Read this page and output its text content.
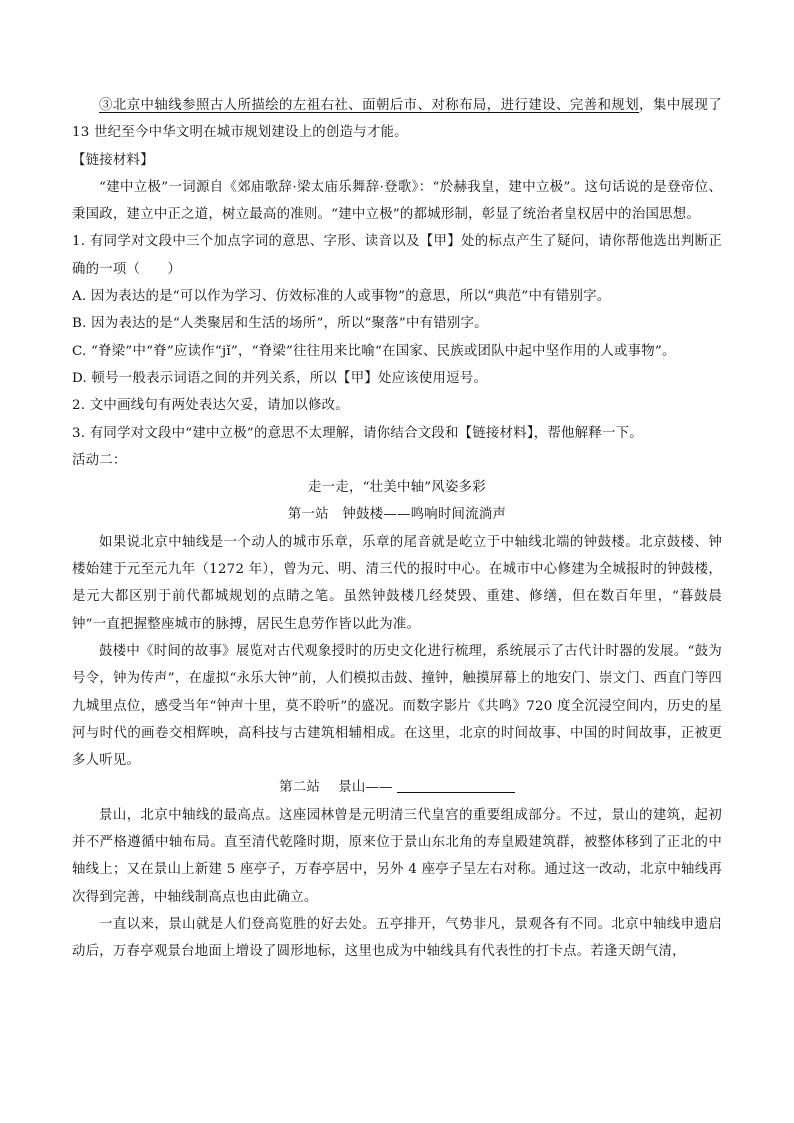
③北京中轴线参照古人所描绘的左祖右社、面朝后市、对称布局，进行建设、完善和规划，集中展现了 13 世纪至今中华文明在城市规划建设上的创造与才能。

【链接材料】

“建中立极”一词源自《郊庙歌辞·梁太庙乐舞辞·登歌》：“於赫我皇，建中立极”。这句话说的是登帝位、秉国政，建立中正之道，树立最高的准则。“建中立极”的都城形制，彰显了统治者皇权居中的治国思想。

1. 有同学对文段中三个加点字词的意思、字形、读音以及【甲】处的标点产生了疑问，请你帮他选出判断正确的一项（　　）

A. 因为表达的是“可以作为学习、仿效标准的人或事物”的意思，所以“典范”中有错别字。

B. 因为表达的是“人类聚居和生活的场所”，所以“聚落”中有错别字。

C. “脊梁”中“脊”应读作“jǐ”，“脊梁”往往用来比喻“在国家、民族或团队中起中坚作用的人或事物”。

D. 顿号一般表示词语之间的并列关系，所以【甲】处应该使用逗号。

2. 文中画线句有两处表达欠妥，请加以修改。

3. 有同学对文段中“建中立极”的意思不太理解，请你结合文段和【链接材料】，帮他解释一下。

活动二：

走一走，“壮美中轴”风姿多彩

第一站　钟鼓楼——鸣响时间流淌声

如果说北京中轴线是一个动人的城市乐章，乐章的尾音就是屹立于中轴线北端的钟鼓楼。北京鼓楼、钟楼始建于元至元九年（1272 年），曾为元、明、清三代的报时中心。在城市中心修建为全城报时的钟鼓楼，是元大都区别于前代都城规划的点睛之笔。虽然钟鼓楼几经焚毁、重建、修缮，但在数百年里，“暮鼓晨钟”一直把握整座城市的脉搏，居民生息劳作皆以此为准。

鼓楼中《时间的故事》展览对古代观象授时的历史文化进行梳理，系统展示了古代计时器的发展。“鼓为号令，钟为传声”，在虚拟“永乐大钟”前，人们模拟击鼓、撞钟，触摸屏幕上的地安门、崇文门、西直门等四九城里点位，感受当年“钟声十里，莫不聆听”的盛况。而数字影片《共鸣》720 度全沉浸空间内，历史的星河与时代的画卷交相辉映，高科技与古建筑相辅相成。在这里，北京的时间故事、中国的时间故事，正被更多人听见。

第二站　 景山——

景山，北京中轴线的最高点。这座园林曾是元明清三代皇宫的重要组成部分。不过，景山的建筑，起初并不严格遵循中轴布局。直至清代乾隆时期，原来位于景山东北角的寿皇殿建筑群，被整体移到了正北的中轴线上；又在景山上新建 5 座亭子，万春亭居中，另外 4 座亭子呈左右对称。通过这一改动，北京中轴线再次得到完善，中轴线制高点也由此确立。

一直以来，景山就是人们登高览胜的好去处。五亭排开，气势非凡，景观各有不同。北京中轴线申遗启动后，万春亭观景台地面上增设了圆形地标，这里也成为中轴线具有代表性的打卡点。若逢天朗气清，
